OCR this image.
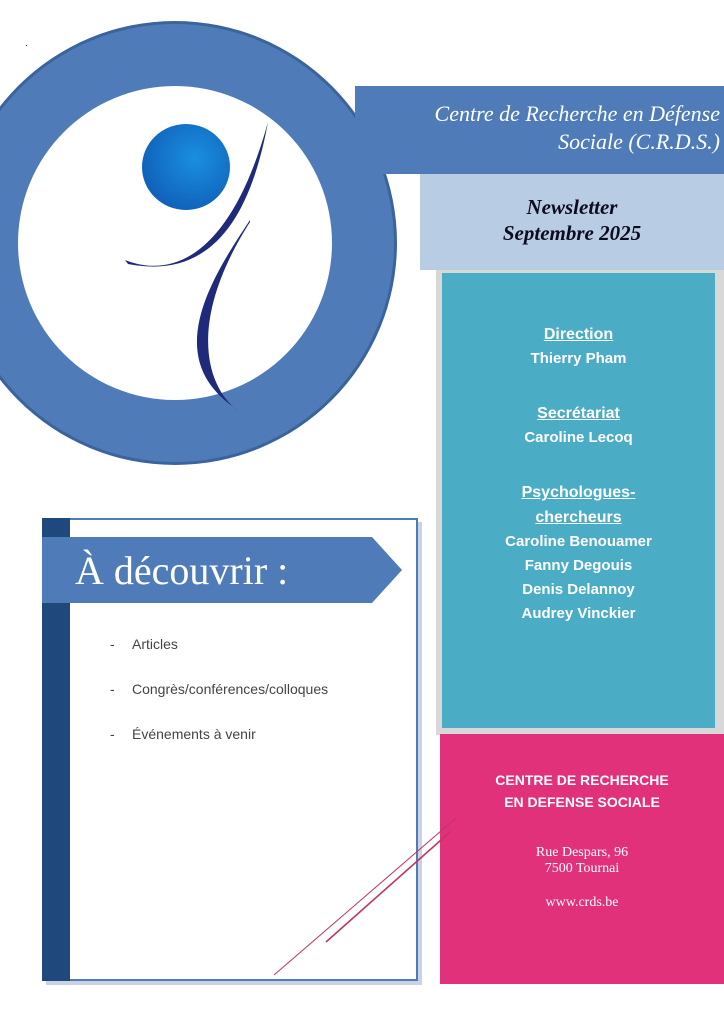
.
Centre de Recherche en Défense
Sociale (C.R.D.S.)
Newsletter
Septembre 2025
Direction
Thierry Pham
Secrétariat
Caroline Lecoq
Psychologues-
chercheurs
Caroline Benouamer
Fanny Degouis
Denis Delannoy
Audrey Vinckier
CENTRE DE RECHERCHE
EN DEFENSE SOCIALE
Rue Despars, 96
7500 Tournai
www.crds.be
À découvrir :
- Articles
- Congrès/conférences/colloques
- Événements à venir
